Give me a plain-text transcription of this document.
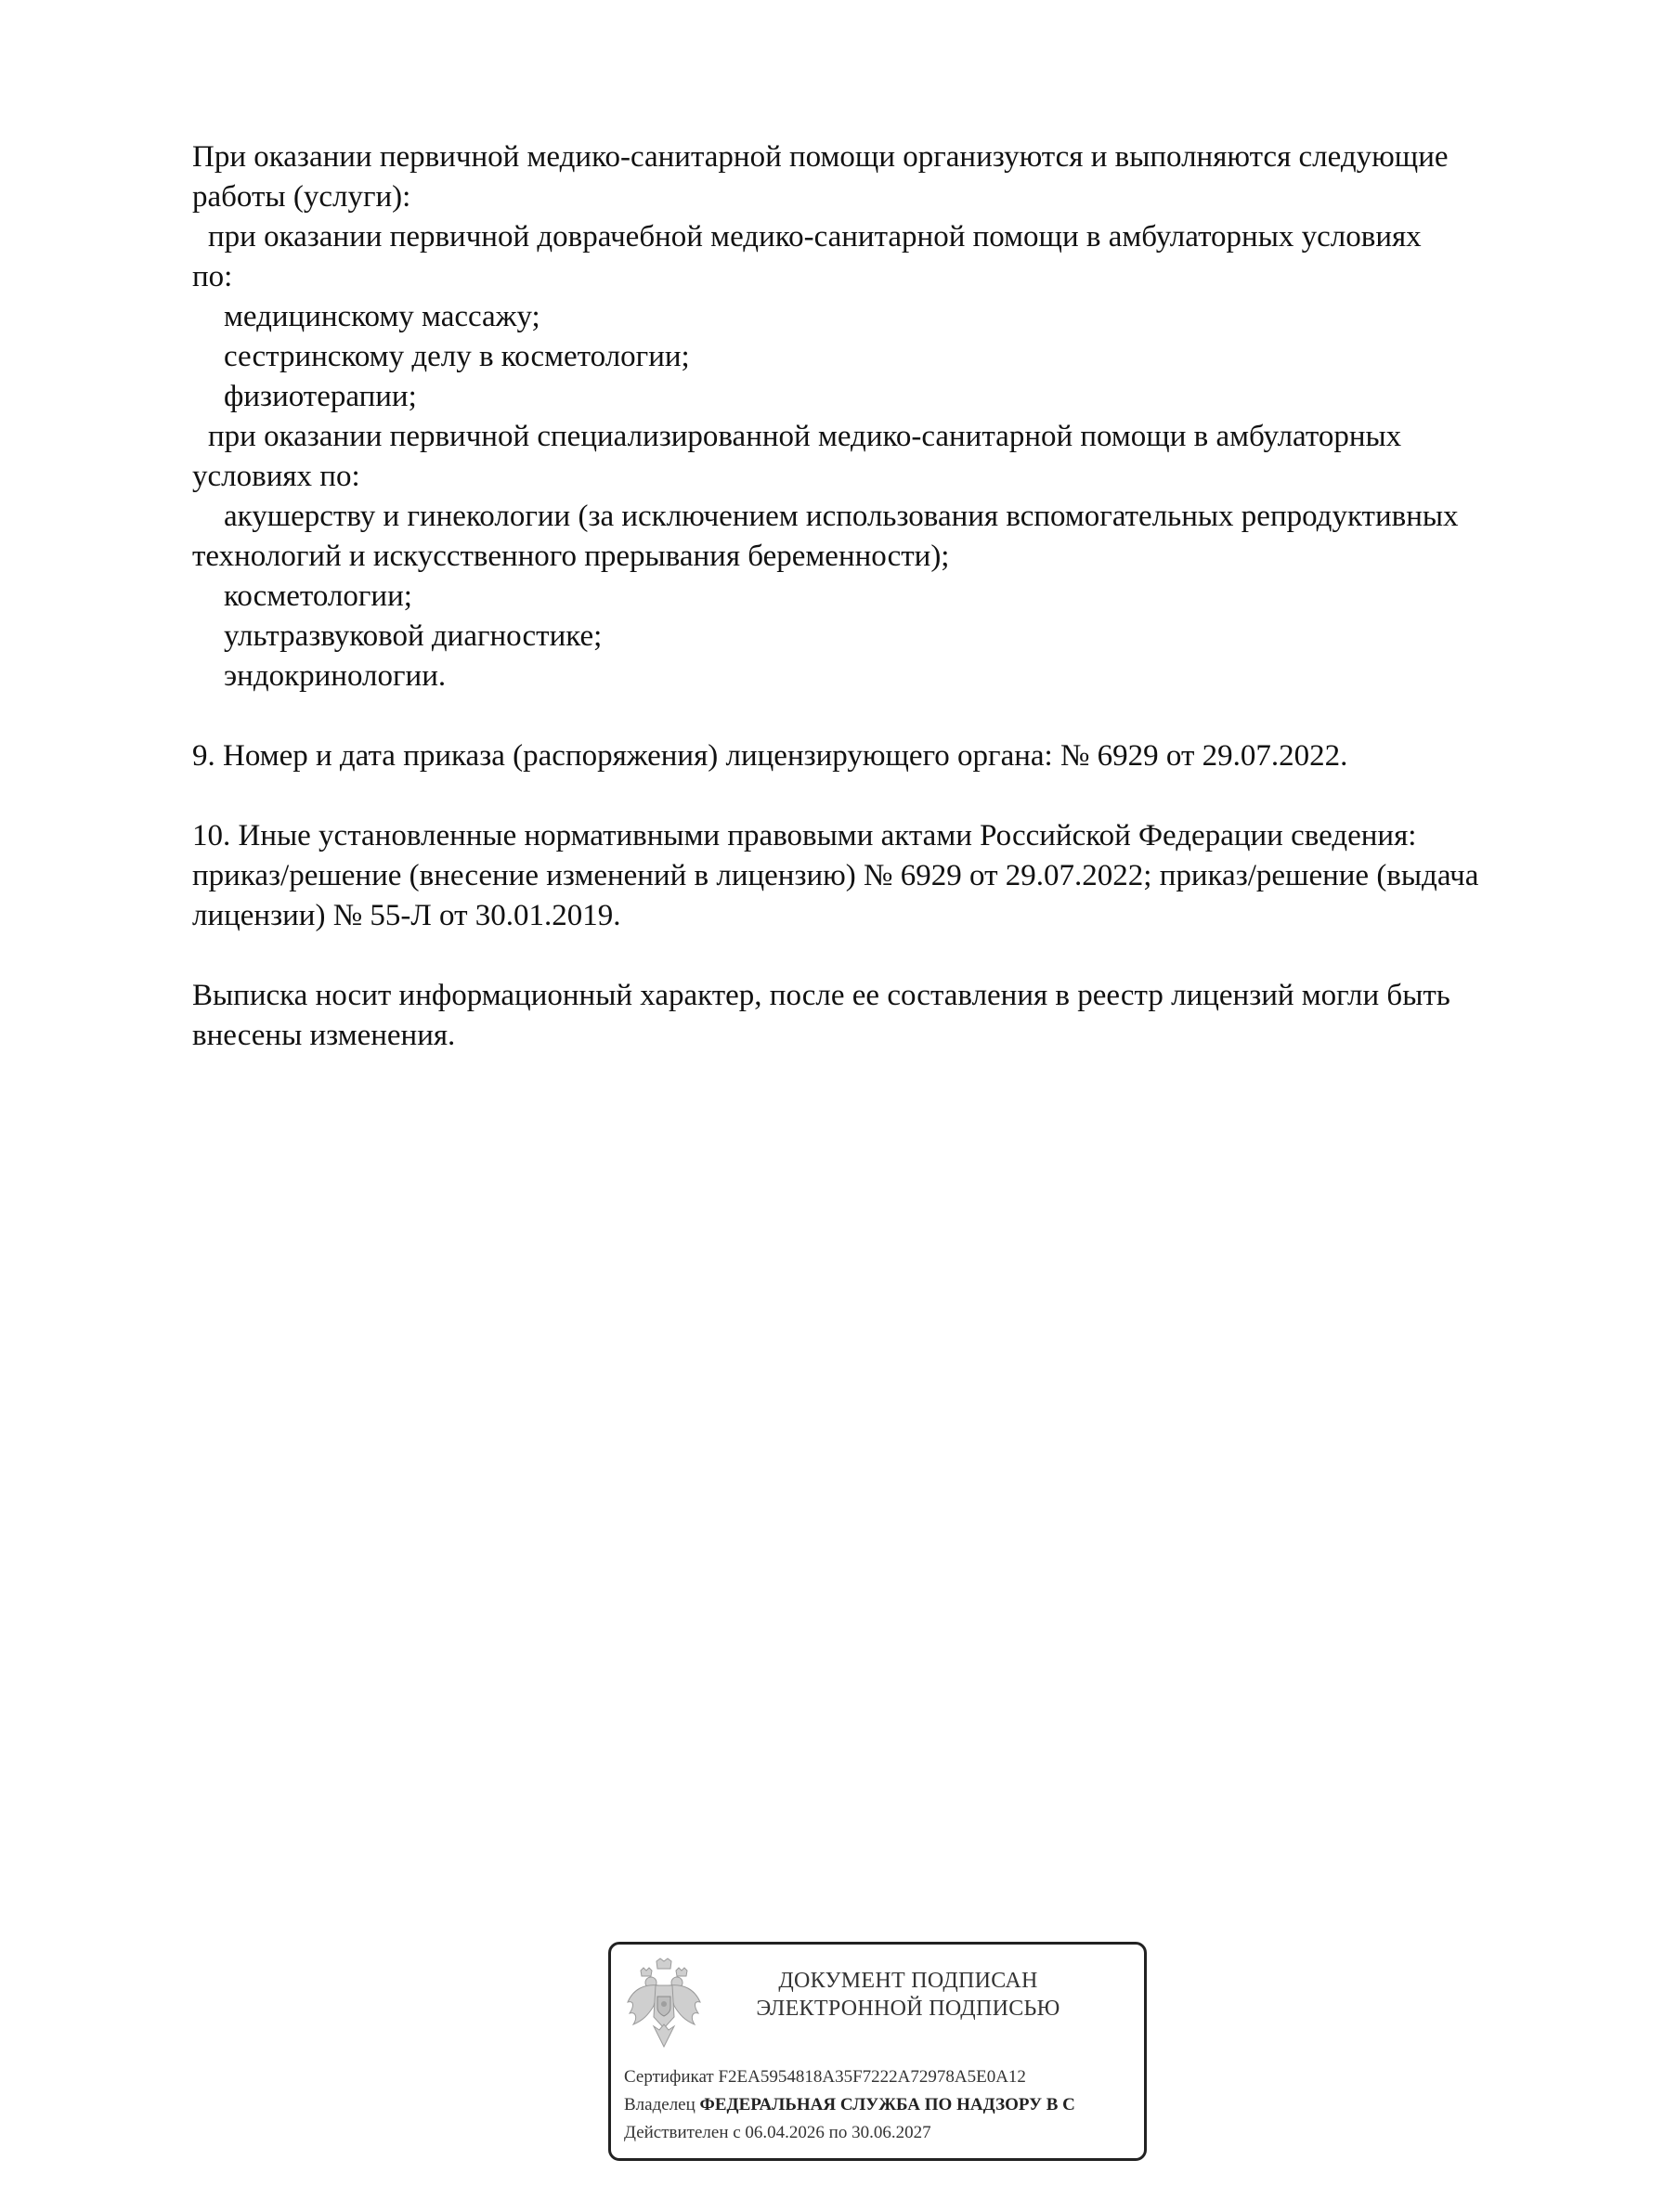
При оказании первичной медико-санитарной помощи организуются и выполняются следующие
работы (услуги):
при оказании первичной доврачебной медико-санитарной помощи в амбулаторных условиях
по:
медицинскому массажу;
сестринскому делу в косметологии;
физиотерапии;
при оказании первичной специализированной медико-санитарной помощи в амбулаторных
условиях по:
акушерству и гинекологии (за исключением использования вспомогательных репродуктивных
технологий и искусственного прерывания беременности);
косметологии;
ультразвуковой диагностике;
эндокринологии.
9. Номер и дата приказа (распоряжения) лицензирующего органа: № 6929 от 29.07.2022.
10. Иные установленные нормативными правовыми актами Российской Федерации сведения:
приказ/решение (внесение изменений в лицензию) № 6929 от 29.07.2022; приказ/решение (выдача
лицензии) № 55-Л от 30.01.2019.
Выписка носит информационный характер, после ее составления в реестр лицензий могли быть
внесены изменения.
ДОКУМЕНТ ПОДПИСАН
ЭЛЕКТРОННОЙ ПОДПИСЬЮ
Сертификат F2EA5954818A35F7222A72978A5E0A12
Владелец ФЕДЕРАЛЬНАЯ СЛУЖБА ПО НАДЗОРУ В С
Действителен с 06.04.2026 по 30.06.2027
